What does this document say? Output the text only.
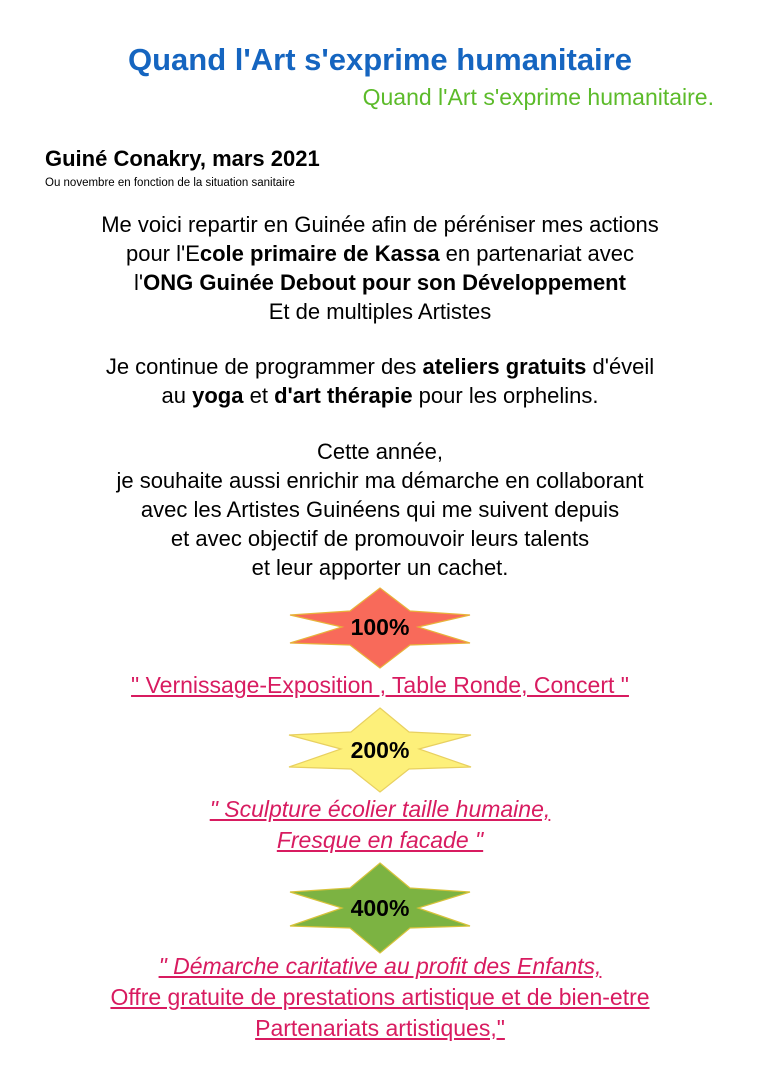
Quand l'Art s'exprime humanitaire
Quand l'Art s'exprime humanitaire.
Guiné Conakry, mars 2021
Ou novembre en fonction de la situation sanitaire
Me voici repartir en Guinée afin de péréniser mes actions
pour l'Ecole primaire de Kassa en partenariat avec
l'ONG Guinée Debout pour son Développement
Et de multiples Artistes
Je continue de programmer des ateliers gratuits d'éveil
au yoga et d'art thérapie pour les orphelins.
Cette année,
je souhaite aussi enrichir ma démarche en collaborant
avec les Artistes Guinéens qui me suivent depuis
et avec objectif de promouvoir leurs talents
et leur apporter un cachet.
100%
" Vernissage-Exposition , Table Ronde, Concert "
200%
" Sculpture écolier taille humaine,
Fresque en facade "
400%
" Démarche caritative au profit des Enfants,
Offre gratuite de prestations artistique et de bien-etre
Partenariats artistiques,"
